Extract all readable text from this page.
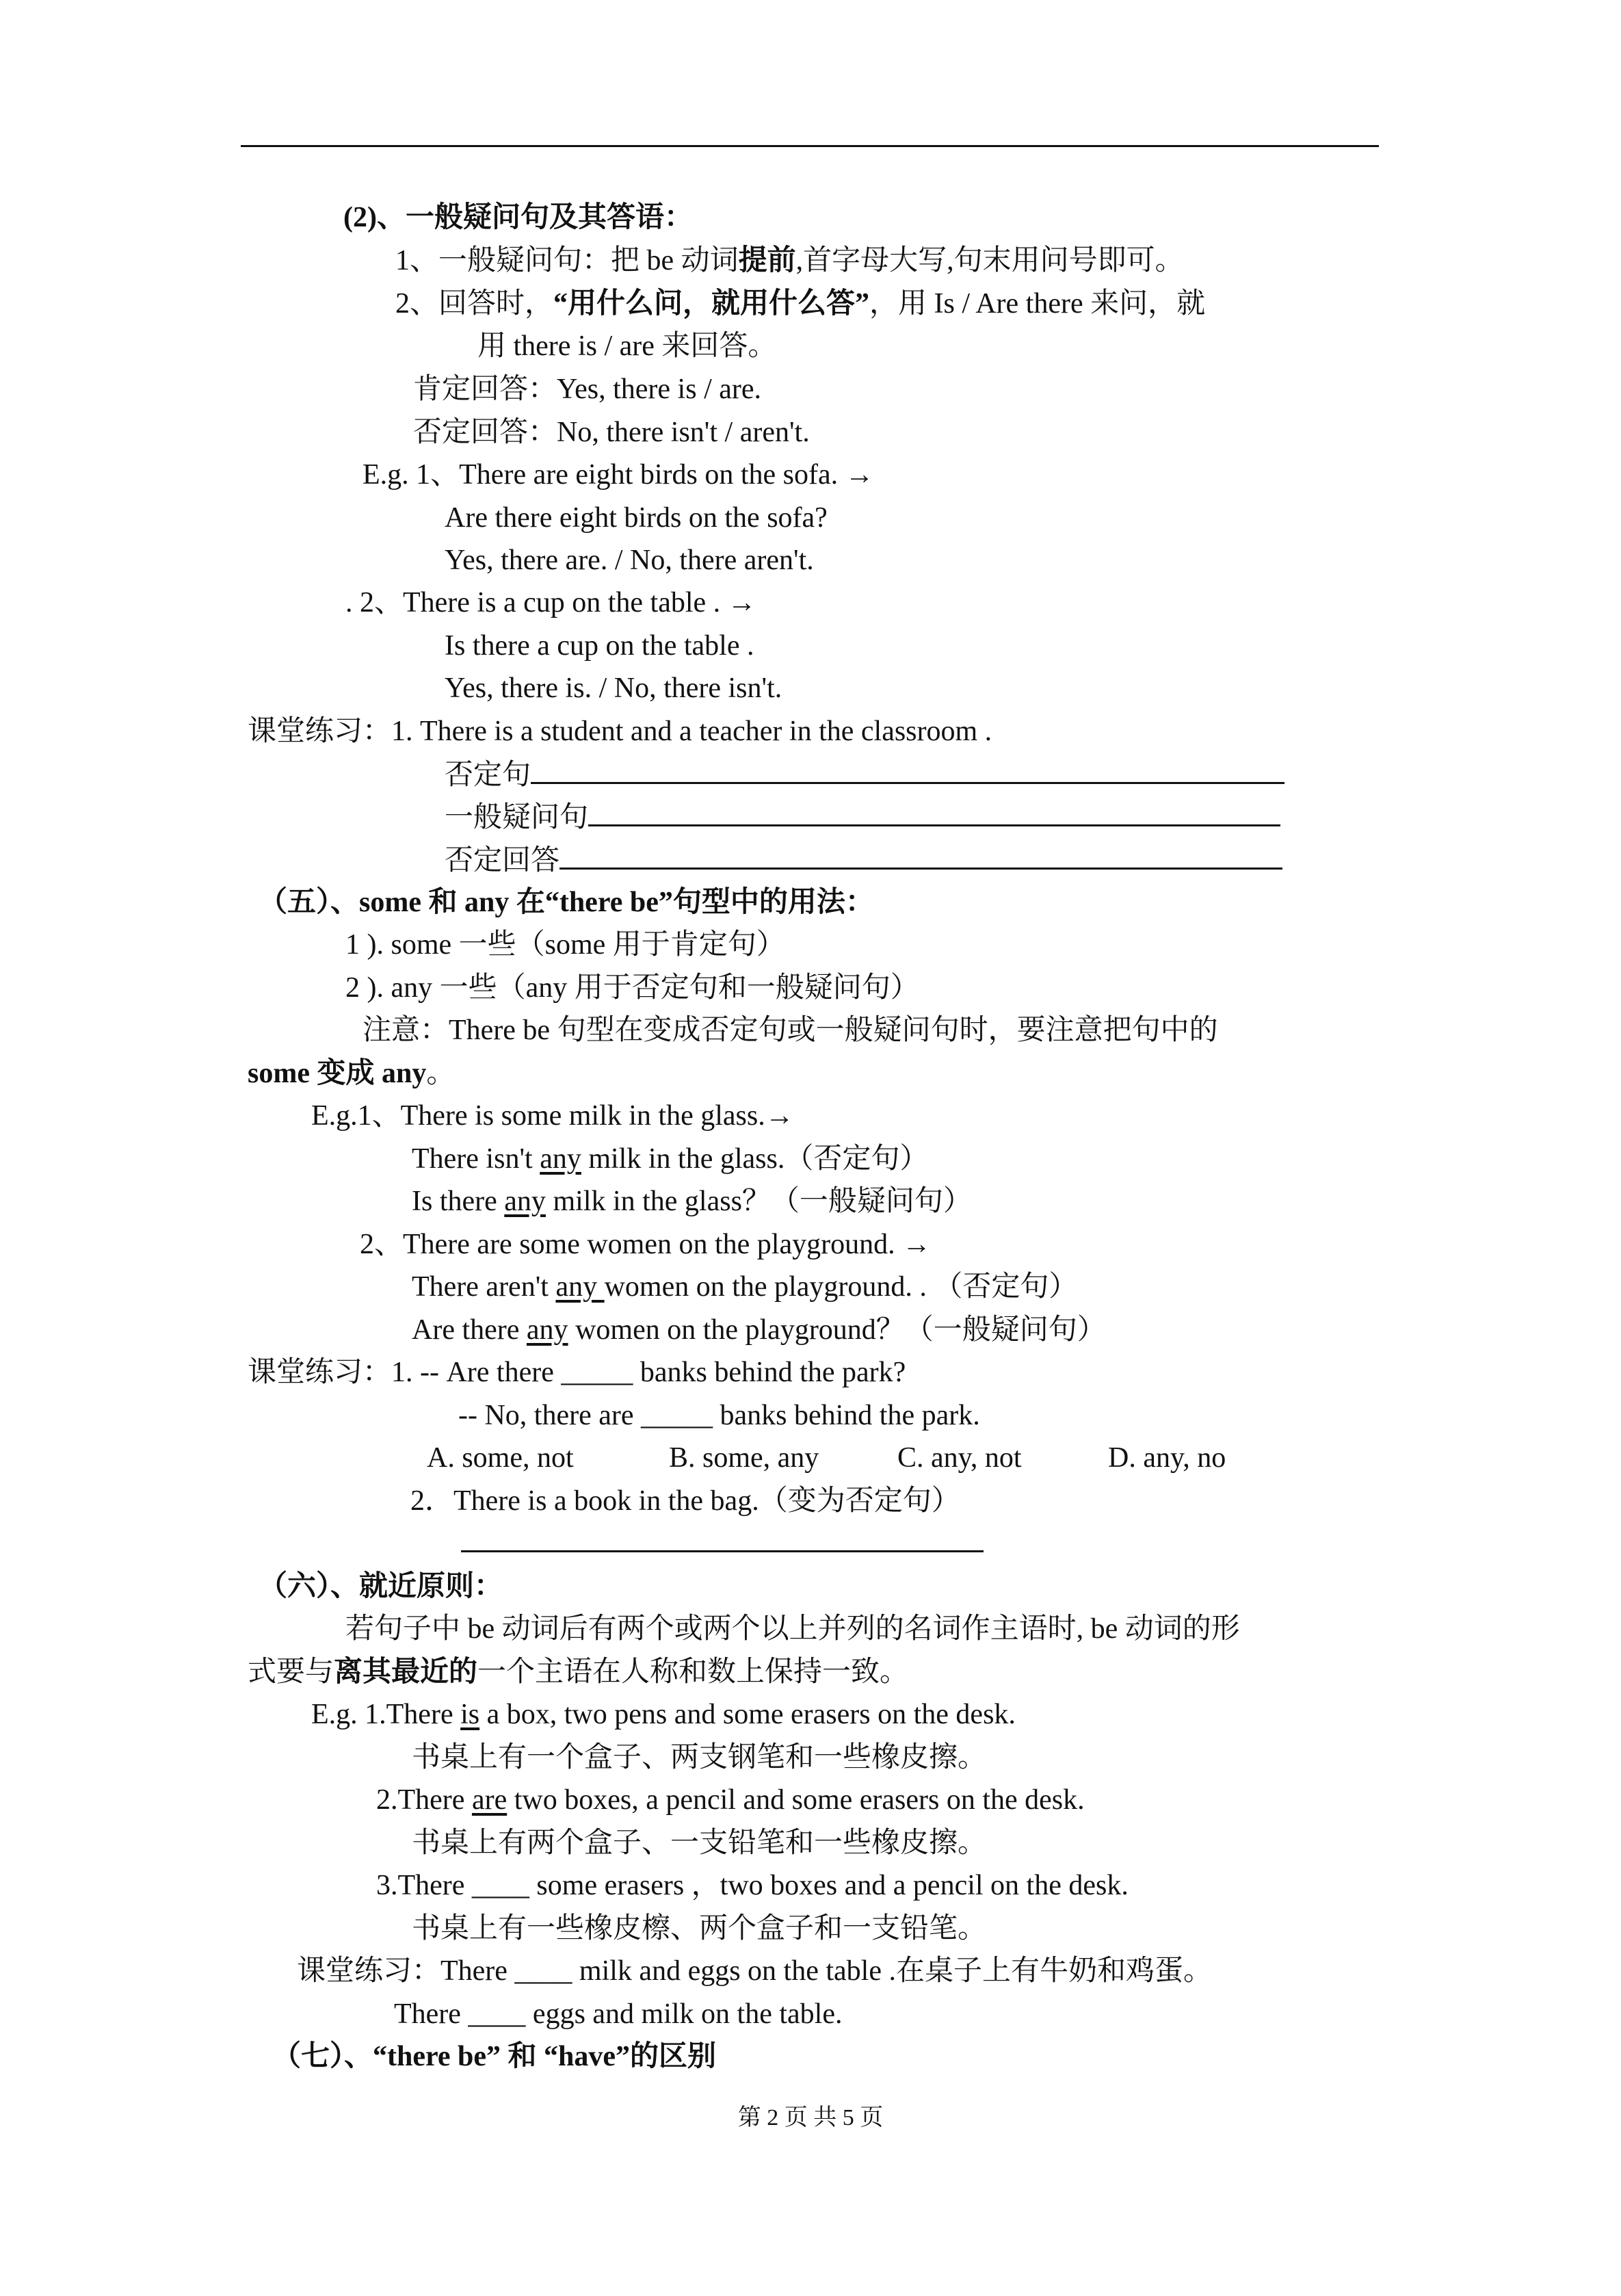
(2)、一般疑问句及其答语：
1、一般疑问句：把 be 动词提前,首字母大写,句末用问号即可。
2、回答时，“用什么问，就用什么答”，用 Is / Are there 来问，就
用 there is / are 来回答。
肯定回答：Yes, there is / are.
否定回答：No, there isn't / aren't.
E.g. 1、There are eight birds on the sofa. →
Are there eight birds on the sofa?
Yes, there are. / No, there aren't.
. 2、There is a cup on the table . →
Is there a cup on the table .
Yes, there is. / No, there isn't.
课堂练习：1. There is a student and a teacher in the classroom .
否定句
一般疑问句
否定回答
（五）、some 和 any 在“there be”句型中的用法：
1 ). some 一些（some 用于肯定句）
2 ). any 一些（any 用于否定句和一般疑问句）
注意：There be 句型在变成否定句或一般疑问句时，要注意把句中的
some 变成 any。
E.g.1、There is some milk in the glass.→
There isn't any milk in the glass.（否定句）
Is there any milk in the glass？（一般疑问句）
2、There are some women on the playground. →
There aren't any women on the playground. . （否定句）
Are there any women on the playground？（一般疑问句）
课堂练习：1. -- Are there _____ banks behind the park?
-- No, there are _____ banks behind the park.
A. some, not	B. some, any	C. any, not	D. any, no
2．There is a book in the bag.（变为否定句）
（六）、就近原则：
若句子中 be 动词后有两个或两个以上并列的名词作主语时, be 动词的形
式要与离其最近的一个主语在人称和数上保持一致。
E.g. 1.There is a box, two pens and some erasers on the desk.
书桌上有一个盒子、两支钢笔和一些橡皮擦。
2.There are two boxes, a pencil and some erasers on the desk.
书桌上有两个盒子、一支铅笔和一些橡皮擦。
3.There ____ some erasers ，two boxes and a pencil on the desk.
书桌上有一些橡皮檫、两个盒子和一支铅笔。
课堂练习：There ____ milk and eggs on the table .在桌子上有牛奶和鸡蛋。
There ____ eggs and milk on the table.
（七）、“there be” 和 “have”的区别
第 2 页 共 5 页
